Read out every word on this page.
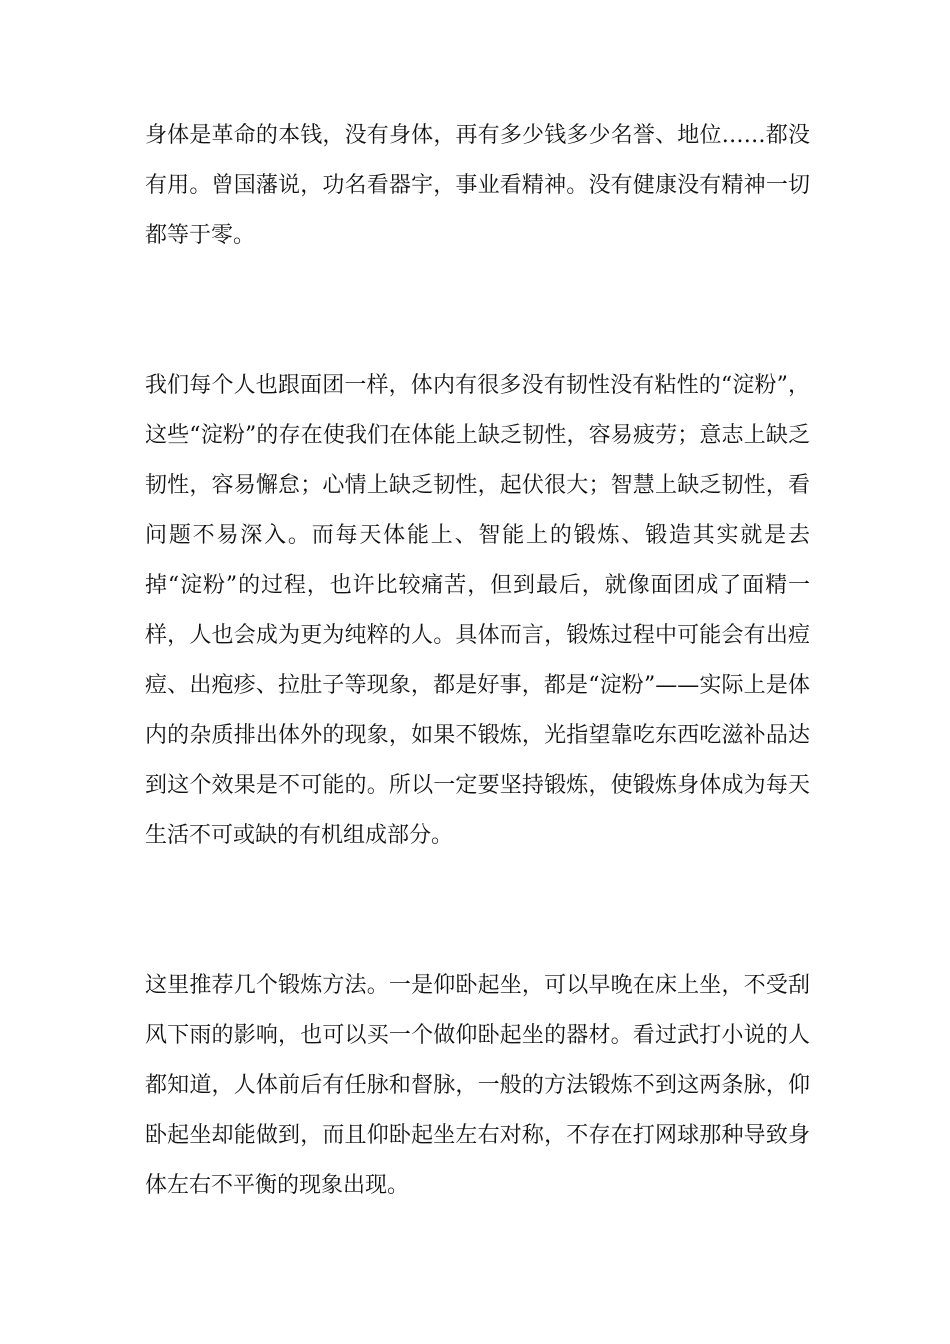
身体是革命的本钱，没有身体，再有多少钱多少名誉、地位……都没有用。曾国藩说，功名看器宇，事业看精神。没有健康没有精神一切都等于零。

我们每个人也跟面团一样，体内有很多没有韧性没有粘性的“淀粉”，这些“淀粉”的存在使我们在体能上缺乏韧性，容易疲劳；意志上缺乏韧性，容易懈怠；心情上缺乏韧性，起伏很大；智慧上缺乏韧性，看问题不易深入。而每天体能上、智能上的锻炼、锻造其实就是去掉“淀粉”的过程，也许比较痛苦，但到最后，就像面团成了面精一样，人也会成为更为纯粹的人。具体而言，锻炼过程中可能会有出痘痘、出疱疹、拉肚子等现象，都是好事，都是“淀粉”——实际上是体内的杂质排出体外的现象，如果不锻炼，光指望靠吃东西吃滋补品达到这个效果是不可能的。所以一定要坚持锻炼，使锻炼身体成为每天生活不可或缺的有机组成部分。

这里推荐几个锻炼方法。一是仰卧起坐，可以早晚在床上坐，不受刮风下雨的影响，也可以买一个做仰卧起坐的器材。看过武打小说的人都知道，人体前后有任脉和督脉，一般的方法锻炼不到这两条脉，仰卧起坐却能做到，而且仰卧起坐左右对称，不存在打网球那种导致身体左右不平衡的现象出现。
